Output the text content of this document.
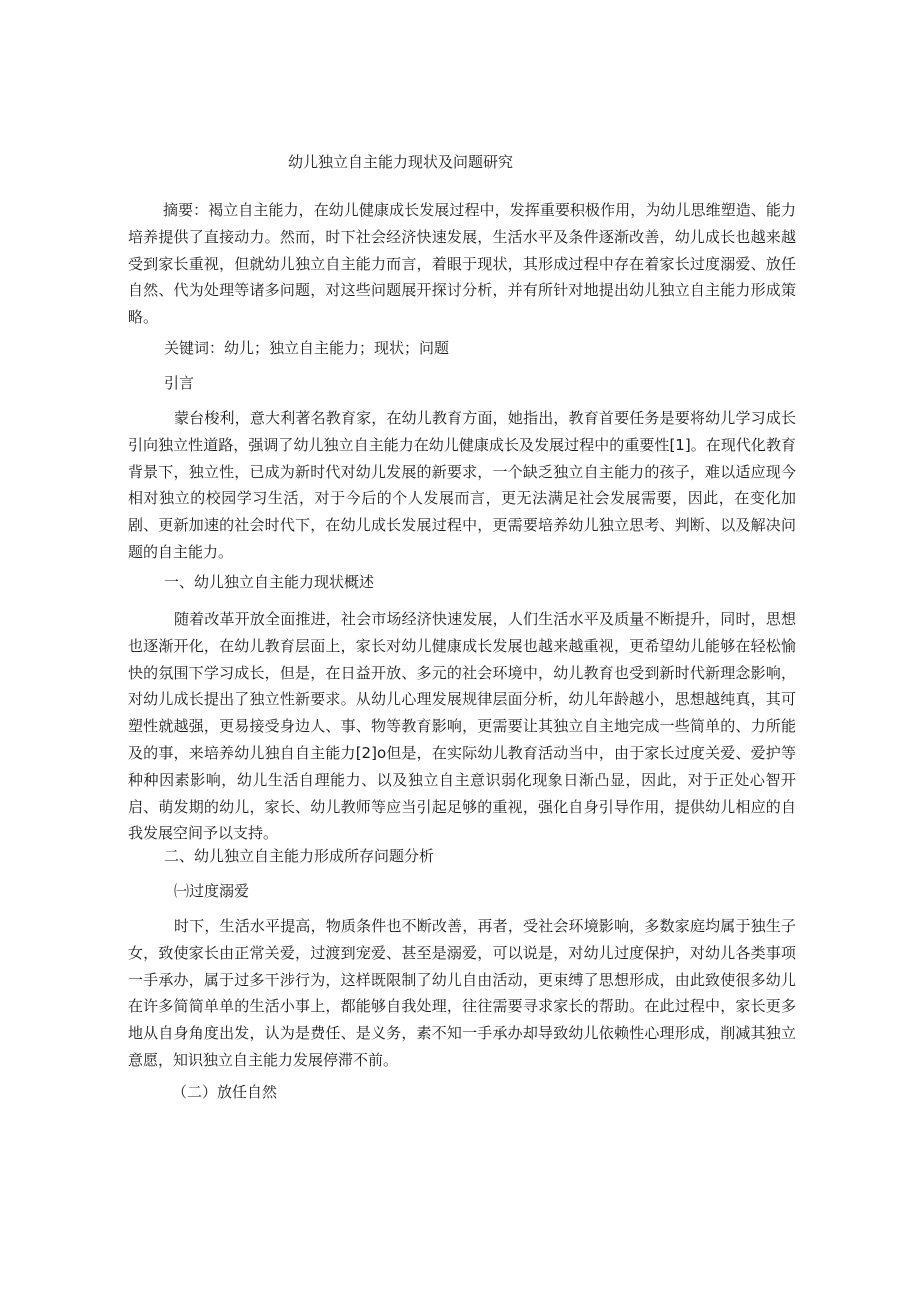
幼儿独立自主能力现状及问题研究

摘要：褐立自主能力，在幼儿健康成长发展过程中，发挥重要积极作用，为幼儿思维塑造、能力培养提供了直接动力。然而，时下社会经济快速发展，生活水平及条件逐渐改善，幼儿成长也越来越受到家长重视，但就幼儿独立自主能力而言，着眼于现状，其形成过程中存在着家长过度溺爱、放任自然、代为处理等诸多问题，对这些问题展开探讨分析，并有所针对地提出幼儿独立自主能力形成策略。

关键词：幼儿；独立自主能力；现状；问题

引言

蒙台梭利，意大利著名教育家，在幼儿教育方面，她指出，教育首要任务是要将幼儿学习成长引向独立性道路，强调了幼儿独立自主能力在幼儿健康成长及发展过程中的重要性[1]。在现代化教育背景下，独立性，已成为新时代对幼儿发展的新要求，一个缺乏独立自主能力的孩子，难以适应现今相对独立的校园学习生活，对于今后的个人发展而言，更无法满足社会发展需要，因此，在变化加剧、更新加速的社会时代下，在幼儿成长发展过程中，更需要培养幼儿独立思考、判断、以及解决问题的自主能力。

一、幼儿独立自主能力现状概述

随着改革开放全面推进，社会市场经济快速发展，人们生活水平及质量不断提升，同时，思想也逐渐开化，在幼儿教育层面上，家长对幼儿健康成长发展也越来越重视，更希望幼儿能够在轻松愉快的氛围下学习成长，但是，在日益开放、多元的社会环境中，幼儿教育也受到新时代新理念影响，对幼儿成长提出了独立性新要求。从幼儿心理发展规律层面分析，幼儿年龄越小，思想越纯真，其可塑性就越强，更易接受身边人、事、物等教育影响，更需要让其独立自主地完成一些简单的、力所能及的事，来培养幼儿独自自主能力[2]o但是，在实际幼儿教育活动当中，由于家长过度关爱、爱护等种种因素影响，幼儿生活自理能力、以及独立自主意识弱化现象日渐凸显，因此，对于正处心智开启、萌发期的幼儿，家长、幼儿教师等应当引起足够的重视，强化自身引导作用，提供幼儿相应的自我发展空间予以支持。

二、幼儿独立自主能力形成所存问题分析

㈠过度溺爱

时下，生活水平提高，物质条件也不断改善，再者，受社会环境影响，多数家庭均属于独生子女，致使家长由正常关爱，过渡到宠爱、甚至是溺爱，可以说是，对幼儿过度保护，对幼儿各类事项一手承办，属于过多干涉行为，这样既限制了幼儿自由活动，更束缚了思想形成，由此致使很多幼儿在许多简简单单的生活小事上，都能够自我处理，往往需要寻求家长的帮助。在此过程中，家长更多地从自身角度出发，认为是费任、是义务，素不知一手承办却导致幼儿依赖性心理形成，削减其独立意愿，知识独立自主能力发展停滞不前。

（二）放任自然
